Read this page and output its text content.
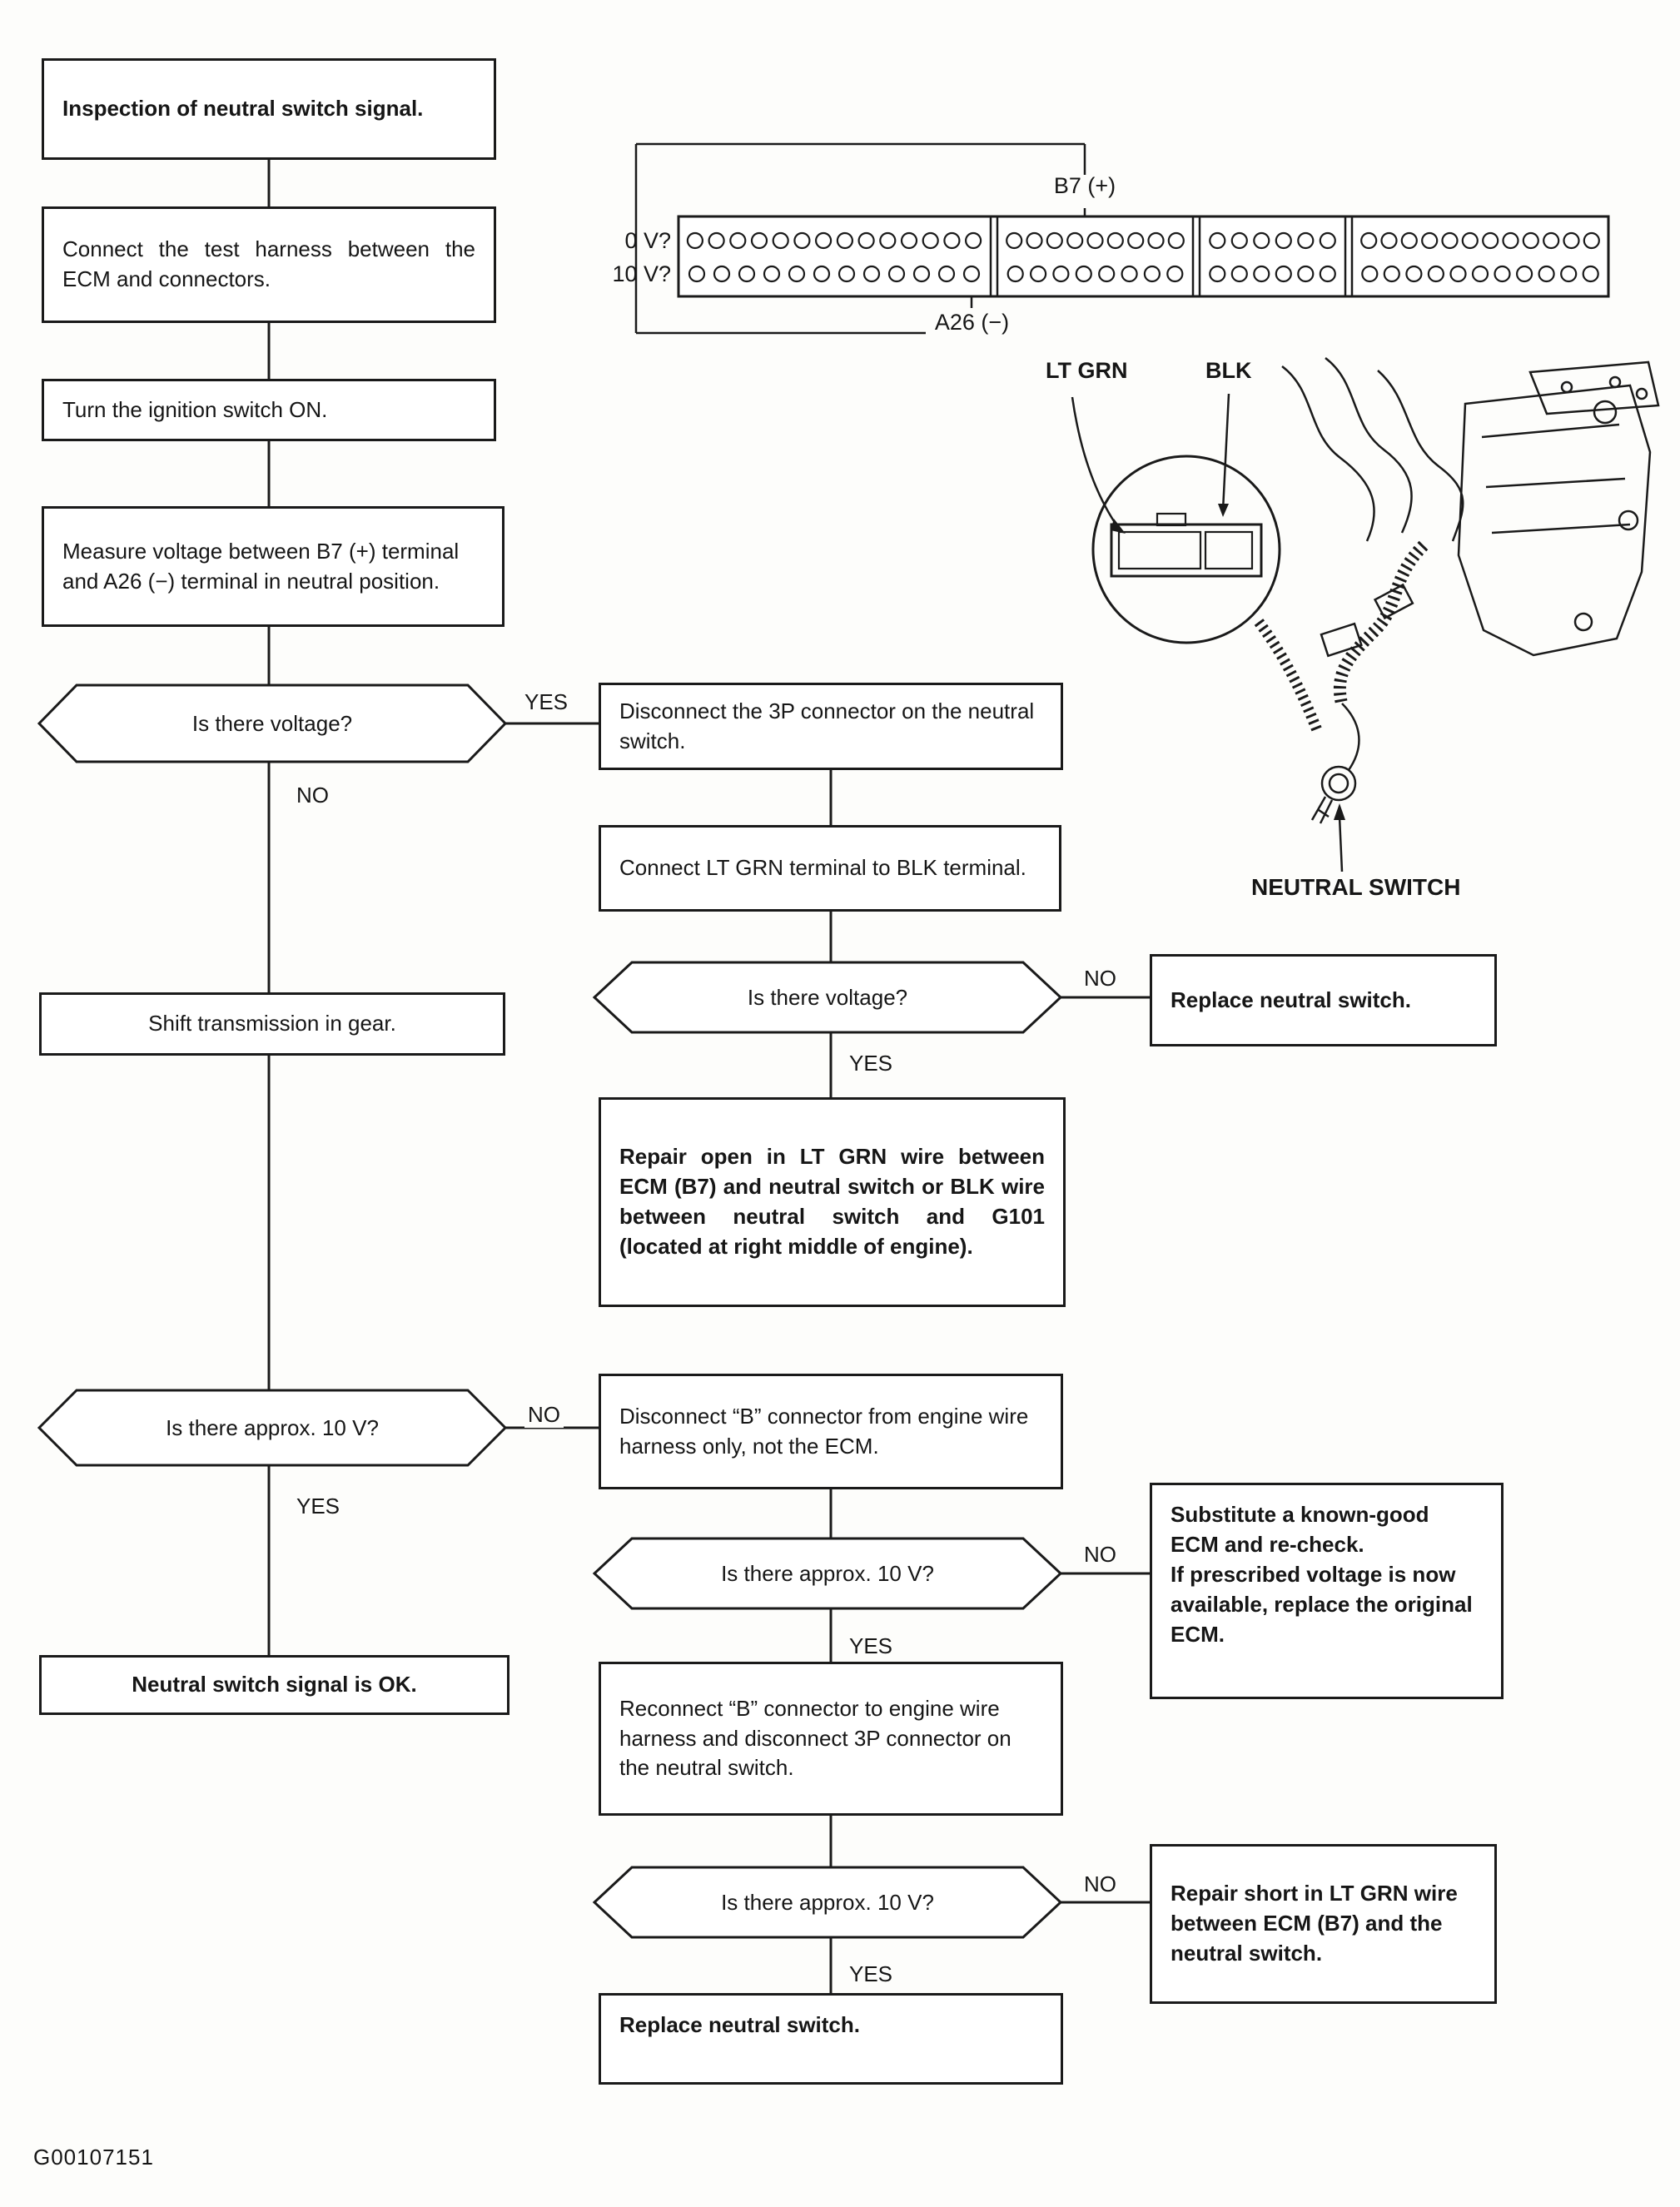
Inspection of neutral switch signal.
Connect the test harness between the ECM and connectors.
Turn the ignition switch ON.
Measure voltage between B7 (+) terminal and A26 (−) terminal in neutral position.
Shift transmission in gear.
Neutral switch signal is OK.
Disconnect the 3P connector on the neutral switch.
Connect LT GRN terminal to BLK terminal.
Repair open in LT GRN wire between ECM (B7) and neutral switch or BLK wire between neutral switch and G101 (located at right middle of engine).
Disconnect “B” connector from engine wire harness only, not the ECM.
Reconnect “B” connector to engine wire harness and disconnect 3P connector on the neutral switch.
Replace neutral switch.
Replace neutral switch.
Substitute a known-good ECM and re-check.
If prescribed voltage is now available, replace the original ECM.
Repair short in LT GRN wire between ECM (B7) and the neutral switch.
Is there voltage?
Is there approx. 10 V?
Is there voltage?
Is there approx. 10 V?
Is there approx. 10 V?
YES
NO
NO
YES
NO
YES
NO
YES
NO
YES
B7 (+)
A26 (−)
0 V?
10 V?
LT GRN	BLK
NEUTRAL SWITCH
G00107151
